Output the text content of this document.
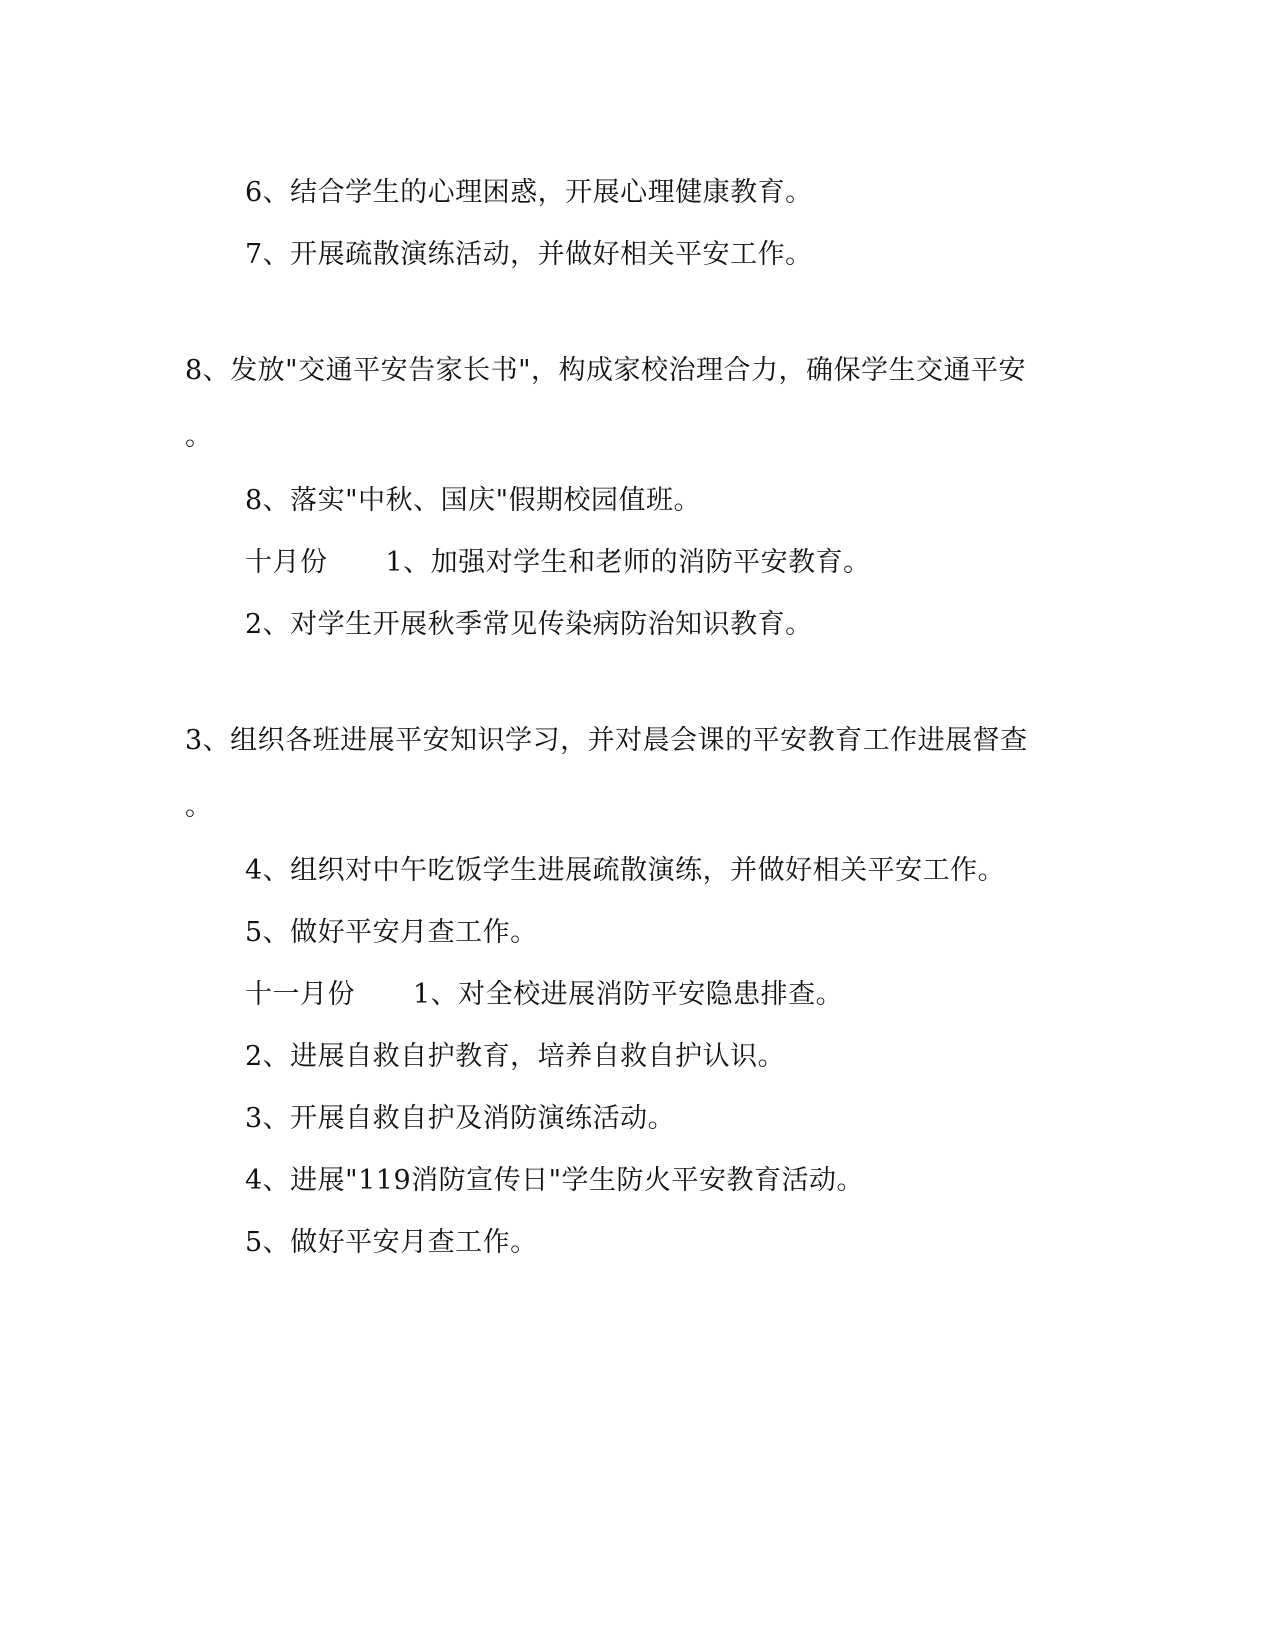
6、结合学生的心理困惑，开展心理健康教育。
7、开展疏散演练活动，并做好相关平安工作。
8、发放"交通平安告家长书"，构成家校治理合力，确保学生交通平安
。
8、落实"中秋、国庆"假期校园值班。
十月份 1、加强对学生和老师的消防平安教育。
2、对学生开展秋季常见传染病防治知识教育。
3、组织各班进展平安知识学习，并对晨会课的平安教育工作进展督查
。
4、组织对中午吃饭学生进展疏散演练，并做好相关平安工作。
5、做好平安月查工作。
十一月份 1、对全校进展消防平安隐患排查。
2、进展自救自护教育，培养自救自护认识。
3、开展自救自护及消防演练活动。
4、进展"119消防宣传日"学生防火平安教育活动。
5、做好平安月查工作。
